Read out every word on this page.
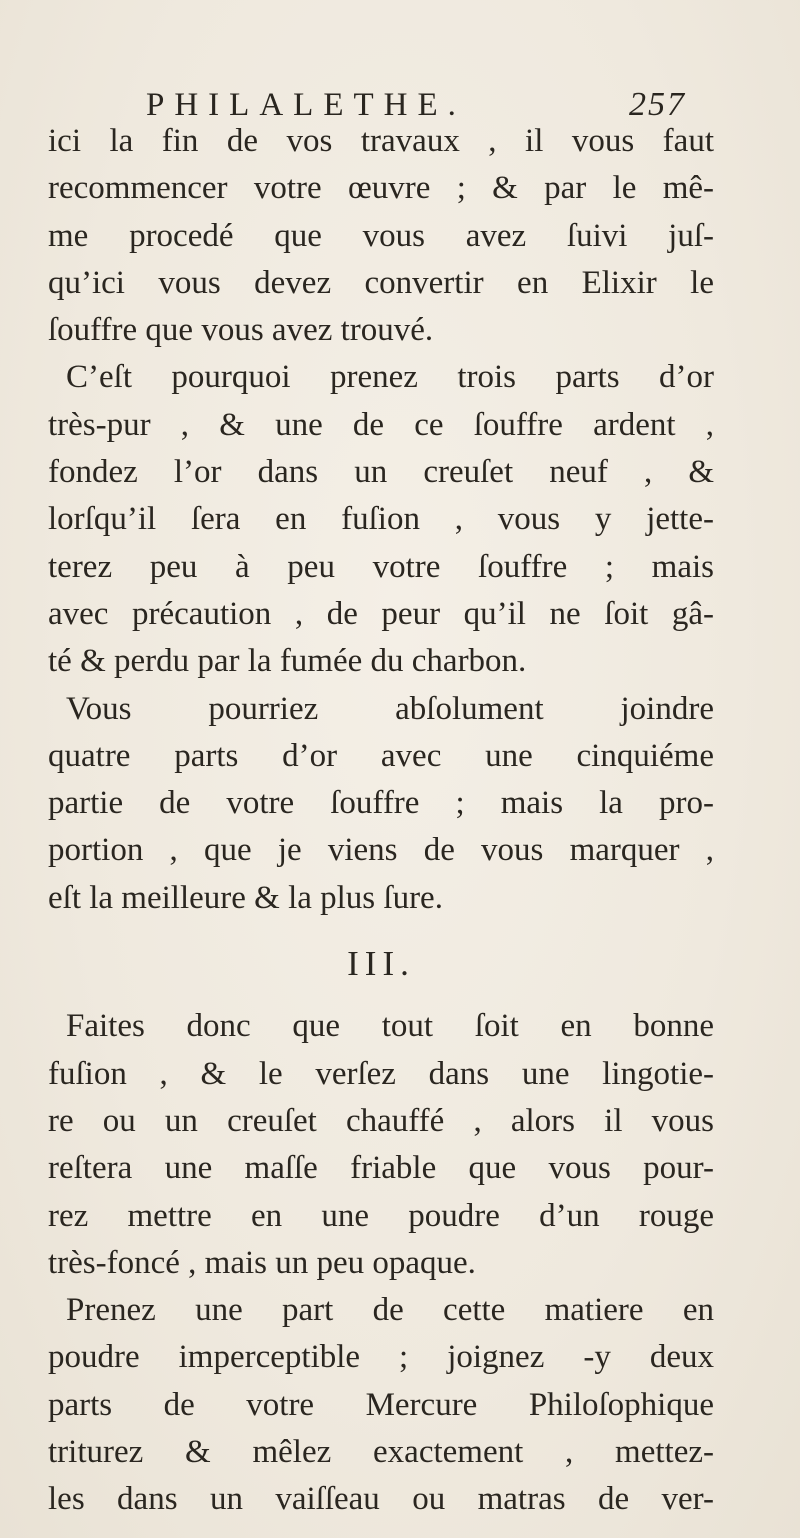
PHILALETHE.	257
ici la fin de vos travaux , il vous faut
recommencer votre œuvre ; & par le mê-
me procedé que vous avez ſuivi juſ-
qu’ici vous devez convertir en Elixir le
ſouffre que vous avez trouvé.
C’eſt pourquoi prenez trois parts d’or
très-pur , & une de ce ſouffre ardent ,
fondez l’or dans un creuſet neuf , &
lorſqu’il ſera en fuſion , vous y jette-
terez peu à peu votre ſouffre ; mais
avec précaution , de peur qu’il ne ſoit gâ-
té & perdu par la fumée du charbon.
Vous pourriez abſolument joindre
quatre parts d’or avec une cinquiéme
partie de votre ſouffre ; mais la pro-
portion , que je viens de vous marquer ,
eſt la meilleure & la plus ſure.
III.
Faites donc que tout ſoit en bonne
fuſion , & le verſez dans une lingotie-
re ou un creuſet chauffé , alors il vous
reſtera une maſſe friable que vous pour-
rez mettre en une poudre d’un rouge
très-foncé , mais un peu opaque.
Prenez une part de cette matiere en
poudre imperceptible ; joignez -y deux
parts de votre Mercure Philoſophique
triturez & mêlez exactement , mettez-
les dans un vaiſſeau ou matras de ver-
